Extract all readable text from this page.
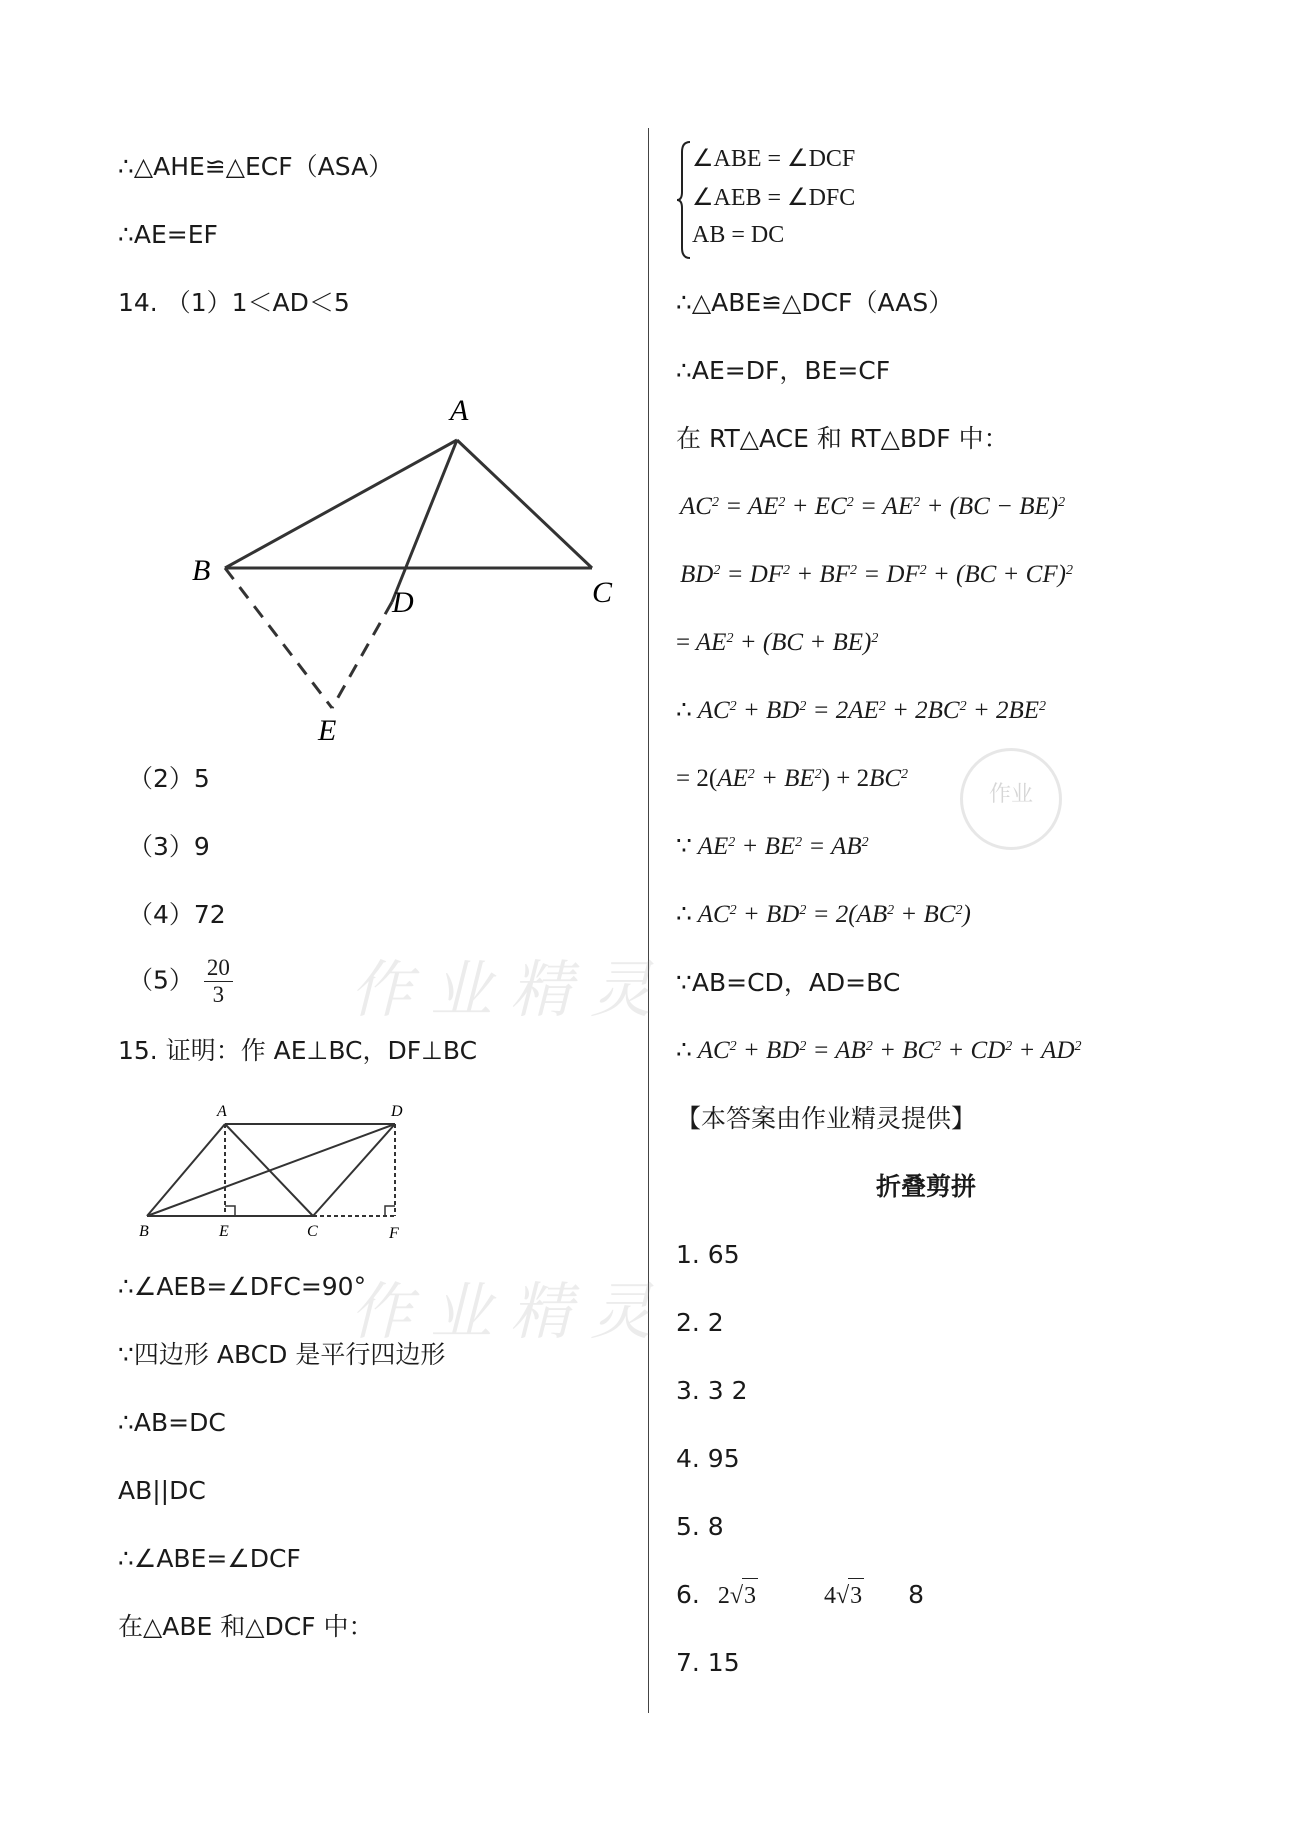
∴△AHE≌△ECF（ASA）
∴AE=EF
14. （1）1＜AD＜5
A
B
C
D
E
（2）5
（3）9
（4）72
$(5) \frac{20}{3}$
15. 证明：作 AE⊥BC，DF⊥BC
A	D
B	E	C	F
∴∠AEB=∠DFC=90°
∵四边形 ABCD 是平行四边形
∴AB=DC
AB||DC
∴∠ABE=∠DCF
在△ABE 和△DCF 中：
作业精灵
作业精灵
∠ABE = ∠DCF
∠AEB = ∠DFC
AB = DC
∴△ABE≌△DCF（AAS）
∴AE=DF，BE=CF
在 RT△ACE 和 RT△BDF 中：
$AC^2 = AE^2 + EC^2 = AE^2 + (BC - BE)^2$
$BD^2 = DF^2 + BF^2 = DF^2 + (BC + CF)^2$
= $AE^2 + (BC + BE)^2$
∴ $AC^2 + BD^2 = 2AE^2 + 2BC^2 + 2BE^2$
= $2(AE^2 + BE^2) + 2BC^2$
∵ $AE^2 + BE^2 = AB^2$
∴ $AC^2 + BD^2 = 2(AB^2 + BC^2)$
∵AB=CD，AD=BC
∴ $AC^2 + BD^2 = AB^2 + BC^2 + CD^2 + AD^2$
作业
【本答案由作业精灵提供】
折叠剪拼
1. 65
2. 2
3. 3 2
4. 95
5. 8
6. 2√3	4√3 8
7. 15
